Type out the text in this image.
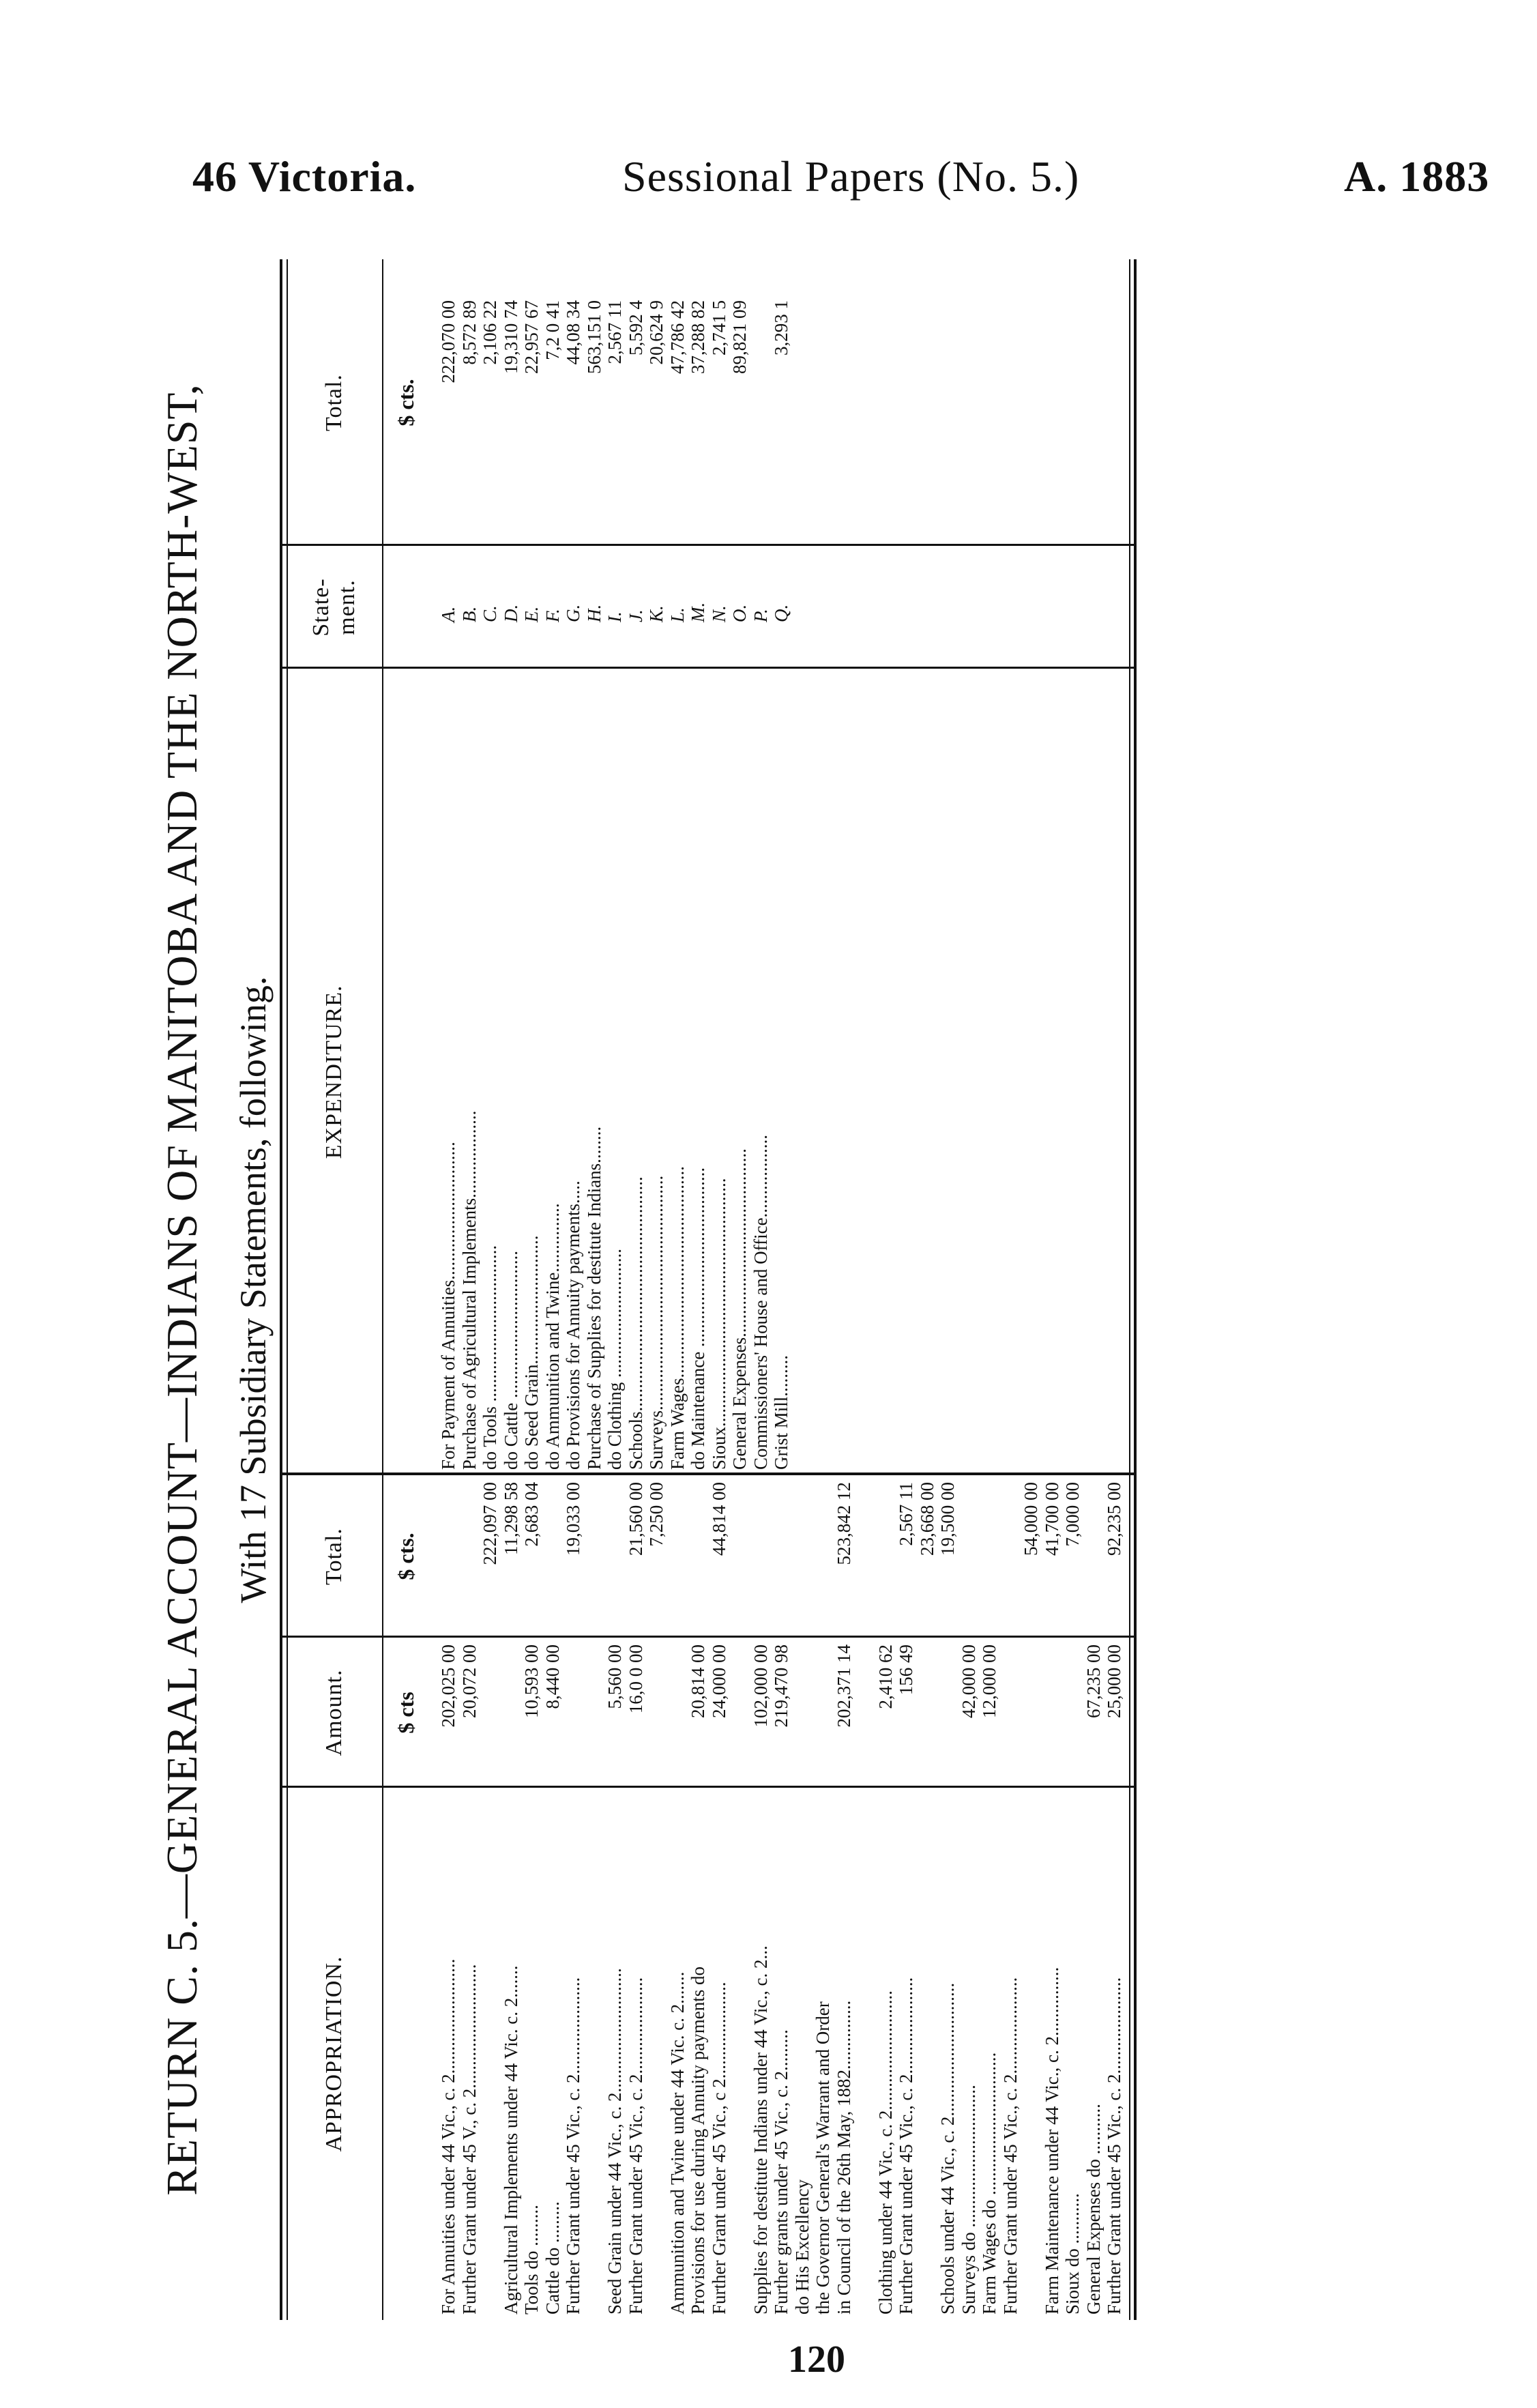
46 Victoria.	Sessional Papers (No. 5.)	A. 1883
RETURN C. 5.—GENERAL ACCOUNT—INDIANS OF MANITOBA AND THE NORTH-WEST, With 17 Subsidiary Statements, following.
APPROPRIATION.
Amount.
Total.
EXPENDITURE.
State-
ment.
Total.
$ cts
$ cts.
$ cts.
For Annuities under 44 Vic., c. 2.........................
202,025 00
Further Grant under 45 V., c. 2...........................
20,072 00
222,097 00
Agricultural Implements under 44 Vic. c. 2.......
11,298 58
Tools do .........
10,593 00
2,683 04
Cattle do .........
8,440 00
Further Grant under 45 Vic., c. 2.....................
19,033 00
Seed Grain under 44 Vic., c. 2...........................
5,560 00
Further Grant under 45 Vic., c. 2.....................
16,0 0 00
21,560 00 7,250 00
Ammunition and Twine under 44 Vic. c. 2....... Provisions for use during Annuity payments do
20,814 00
Further Grant under 45 Vic., c 2.....................
24,000 00
44,814 00
Supplies for destitute Indians under 44 Vic., c. 2...
102,000 00
Further grants under 45 Vic., c. 2.........
219,470 98
do His Excellency the Governor General's Warrant and Order in Council of the 26th May, 1882...............
202,371 14
523,842 12
Clothing under 44 Vic., c. 2..........................
2,410 62
Further Grant under 45 Vic., c. 2.....................
156 49
2,567 11 23,668 00
Schools under 44 Vic., c. 2.............................
19,500 00
Surveys do ...............................
42,000 00
Farm Wages do ...............................
12,000 00
Further Grant under 45 Vic., c. 2.....................
54,000 00
Farm Maintenance under 44 Vic., c. 2...............
41,700 00
Sioux do ...........
7,000 00
General Expenses do ...........
67,235 00
Further Grant under 45 Vic., c. 2.....................
25,000 00
92,235 00
For Payment of Annuities..............................
A.
222,070 00
Purchase of Agricultural Implements...................
B.
8,572 89
do Tools ..................................
C.
2,106 22
do Cattle ................................
D.
19,310 74
do Seed Grain............................
E.
22,957 67
do Ammunition and Twine...............
F.
7,2 0 41
do Provisions for Annuity payments.....
G.
44,08 34
Purchase of Supplies for destitute Indians........
H.
563,151 0
do Clothing ............................
I.
2,567 11
Schools...................................................
J.
5,592 4
Surveys...................................................
K.
20,624 9
Farm Wages..............................................
L.
47,786 42
do Maintenance .......................................
M.
37,288 82
Sioux......................................................
N.
2,741 5
General Expenses.........................................
O.
89,821 09
Commissioners' House and Office..................
P.
Grist Mill.........
Q.
3,293 1
120
